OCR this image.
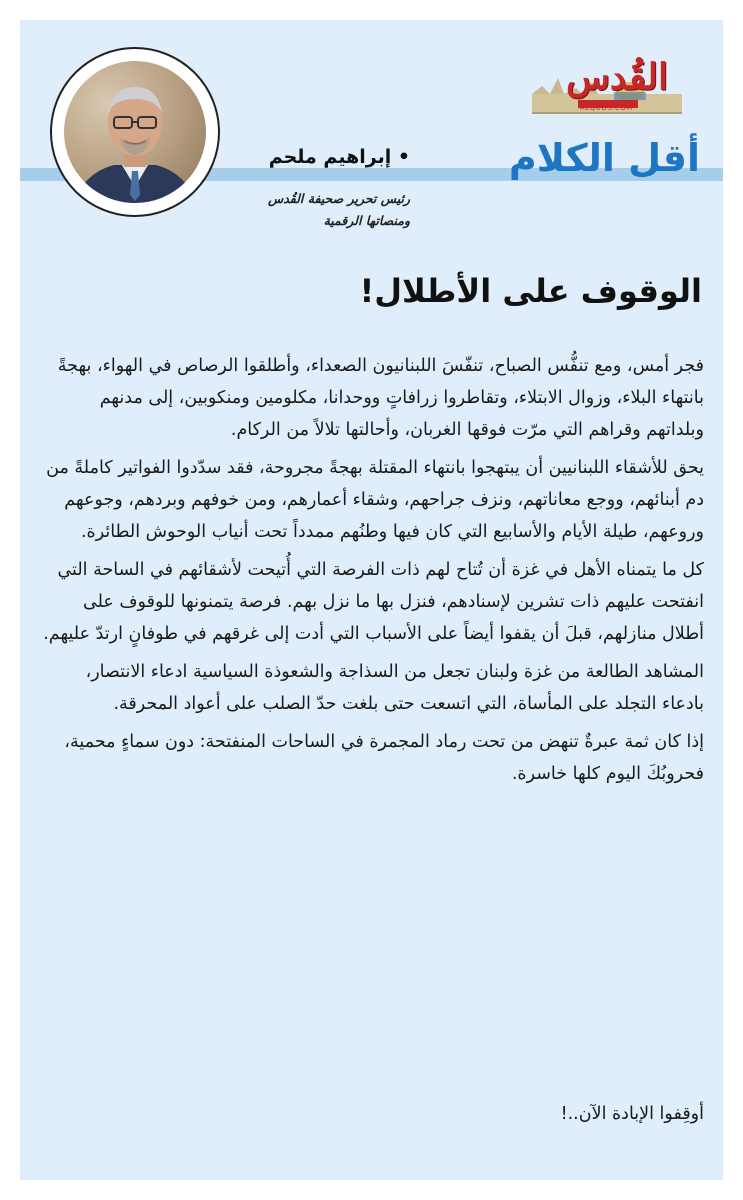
القُدس
ALQUDS.COM
أقل الكلام
• إبراهيم ملحم
رئيس تحرير صحيفة القُدس
ومنصاتها الرقمية
الوقوف على الأطلال!

فجر أمس، ومع تنفُّس الصباح، تنفّسَ اللبنانيون الصعداء، وأطلقوا الرصاص في الهواء، بهجةً بانتهاء البلاء، وزوال الابتلاء، وتقاطروا زرافاتٍ ووحدانا، مكلومين ومنكوبين، إلى مدنهم وبلداتهم وقراهم التي مرّت فوقها الغربان، وأحالتها تلالاً من الركام.

يحق للأشقاء اللبنانيين أن يبتهجوا بانتهاء المقتلة بهجةً مجروحة، فقد سدّدوا الفواتير كاملةً من دم أبنائهم، ووجع معاناتهم، ونزف جراحهم، وشقاء أعمارهم، ومن خوفهم وبردهم، وجوعهم وروعهم، طيلة الأيام والأسابيع التي كان فيها وطنُهم ممدداً تحت أنياب الوحوش الطائرة.

كل ما يتمناه الأهل في غزة أن تُتاح لهم ذات الفرصة التي أُتيحت لأشقائهم في الساحة التي انفتحت عليهم ذات تشرين لإسنادهم، فنزل بها ما نزل بهم. فرصة يتمنونها للوقوف على أطلال منازلهم، قبلَ أن يقفوا أيضاً على الأسباب التي أدت إلى غرقهم في طوفانٍ ارتدّ عليهم.

المشاهد الطالعة من غزة ولبنان تجعل من السذاجة والشعوذة السياسية ادعاء الانتصار، بادعاء التجلد على المأساة، التي اتسعت حتى بلغت حدّ الصلب على أعواد المحرقة.

إذا كان ثمة عبرةٌ تنهض من تحت رماد المجمرة في الساحات المنفتحة: دون سماءٍ محمية، فحروبُكَ اليوم كلها خاسرة.

أوقِفوا الإبادة الآن..!
